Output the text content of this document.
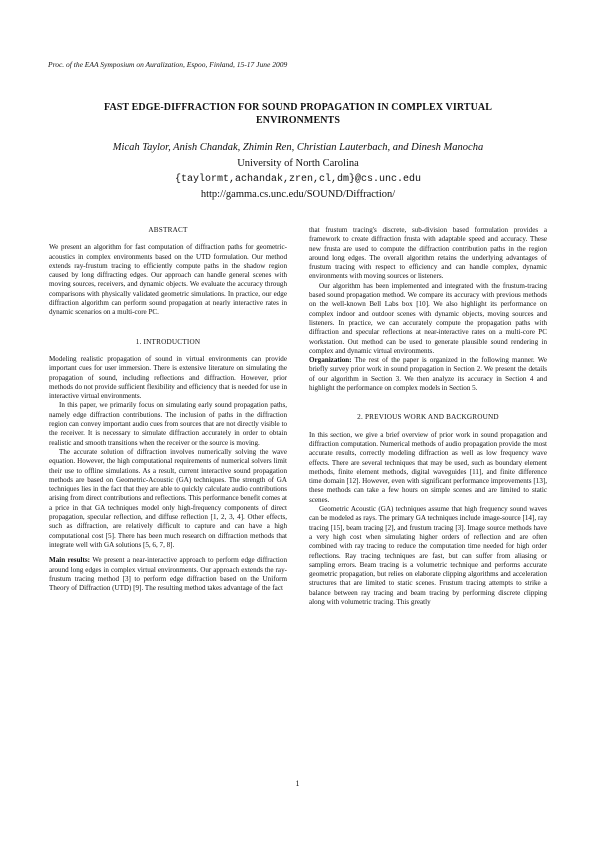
Proc. of the EAA Symposium on Auralization, Espoo, Finland, 15-17 June 2009
FAST EDGE-DIFFRACTION FOR SOUND PROPAGATION IN COMPLEX VIRTUAL
ENVIRONMENTS
Micah Taylor, Anish Chandak, Zhimin Ren, Christian Lauterbach, and Dinesh Manocha
University of North Carolina
{taylormt,achandak,zren,cl,dm}@cs.unc.edu
http://gamma.cs.unc.edu/SOUND/Diffraction/

ABSTRACT

We present an algorithm for fast computation of diffraction paths for geometric-acoustics in complex environments based on the UTD formulation. Our method extends ray-frustum tracing to efficiently compute paths in the shadow region caused by long diffracting edges. Our approach can handle general scenes with moving sources, receivers, and dynamic objects. We evaluate the accuracy through comparisons with physically validated geometric simulations. In practice, our edge diffraction algorithm can perform sound propagation at nearly interactive rates in dynamic scenarios on a multi-core PC.

1. INTRODUCTION

Modeling realistic propagation of sound in virtual environments can provide important cues for user immersion. There is extensive literature on simulating the propagation of sound, including reflections and diffraction. However, prior methods do not provide sufficient flexibility and efficiency that is needed for use in interactive virtual environments.

In this paper, we primarily focus on simulating early sound propagation paths, namely edge diffraction contributions. The inclusion of paths in the diffraction region can convey important audio cues from sources that are not directly visible to the receiver. It is necessary to simulate diffraction accurately in order to obtain realistic and smooth transitions when the receiver or the source is moving.

The accurate solution of diffraction involves numerically solving the wave equation. However, the high computational requirements of numerical solvers limit their use to offline simulations. As a result, current interactive sound propagation methods are based on Geometric-Acoustic (GA) techniques. The strength of GA techniques lies in the fact that they are able to quickly calculate audio contributions arising from direct contributions and reflections. This performance benefit comes at a price in that GA techniques model only high-frequency components of direct propagation, specular reflection, and diffuse reflection [1, 2, 3, 4]. Other effects, such as diffraction, are relatively difficult to capture and can have a high computational cost [5]. There has been much research on diffraction methods that integrate well with GA solutions [5, 6, 7, 8].

Main results: We present a near-interactive approach to perform edge diffraction around long edges in complex virtual environments. Our approach extends the ray-frustum tracing method [3] to perform edge diffraction based on the Uniform Theory of Diffraction (UTD) [9]. The resulting method takes advantage of the fact

that frustum tracing's discrete, sub-division based formulation provides a framework to create diffraction frusta with adaptable speed and accuracy. These new frusta are used to compute the diffraction contribution paths in the region around long edges. The overall algorithm retains the underlying advantages of frustum tracing with respect to efficiency and can handle complex, dynamic environments with moving sources or listeners.

Our algorithm has been implemented and integrated with the frustum-tracing based sound propagation method. We compare its accuracy with previous methods on the well-known Bell Labs box [10]. We also highlight its performance on complex indoor and outdoor scenes with dynamic objects, moving sources and listeners. In practice, we can accurately compute the propagation paths with diffraction and specular reflections at near-interactive rates on a multi-core PC workstation. Out method can be used to generate plausible sound rendering in complex and dynamic virtual environments.

Organization: The rest of the paper is organized in the following manner. We briefly survey prior work in sound propagation in Section 2. We present the details of our algorithm in Section 3. We then analyze its accuracy in Section 4 and highlight the performance on complex models in Section 5.

2. PREVIOUS WORK AND BACKGROUND

In this section, we give a brief overview of prior work in sound propagation and diffraction computation. Numerical methods of audio propagation provide the most accurate results, correctly modeling diffraction as well as low frequency wave effects. There are several techniques that may be used, such as boundary element methods, finite element methods, digital waveguides [11], and finite difference time domain [12]. However, even with significant performance improvements [13], these methods can take a few hours on simple scenes and are limited to static scenes.

Geometric Acoustic (GA) techniques assume that high frequency sound waves can be modeled as rays. The primary GA techniques include image-source [14], ray tracing [15], beam tracing [2], and frustum tracing [3]. Image source methods have a very high cost when simulating higher orders of reflection and are often combined with ray tracing to reduce the computation time needed for high order reflections. Ray tracing techniques are fast, but can suffer from aliasing or sampling errors. Beam tracing is a volumetric technique and performs accurate geometric propagation, but relies on elaborate clipping algorithms and acceleration structures that are limited to static scenes. Frustum tracing attempts to strike a balance between ray tracing and beam tracing by performing discrete clipping along with volumetric tracing. This greatly

1
